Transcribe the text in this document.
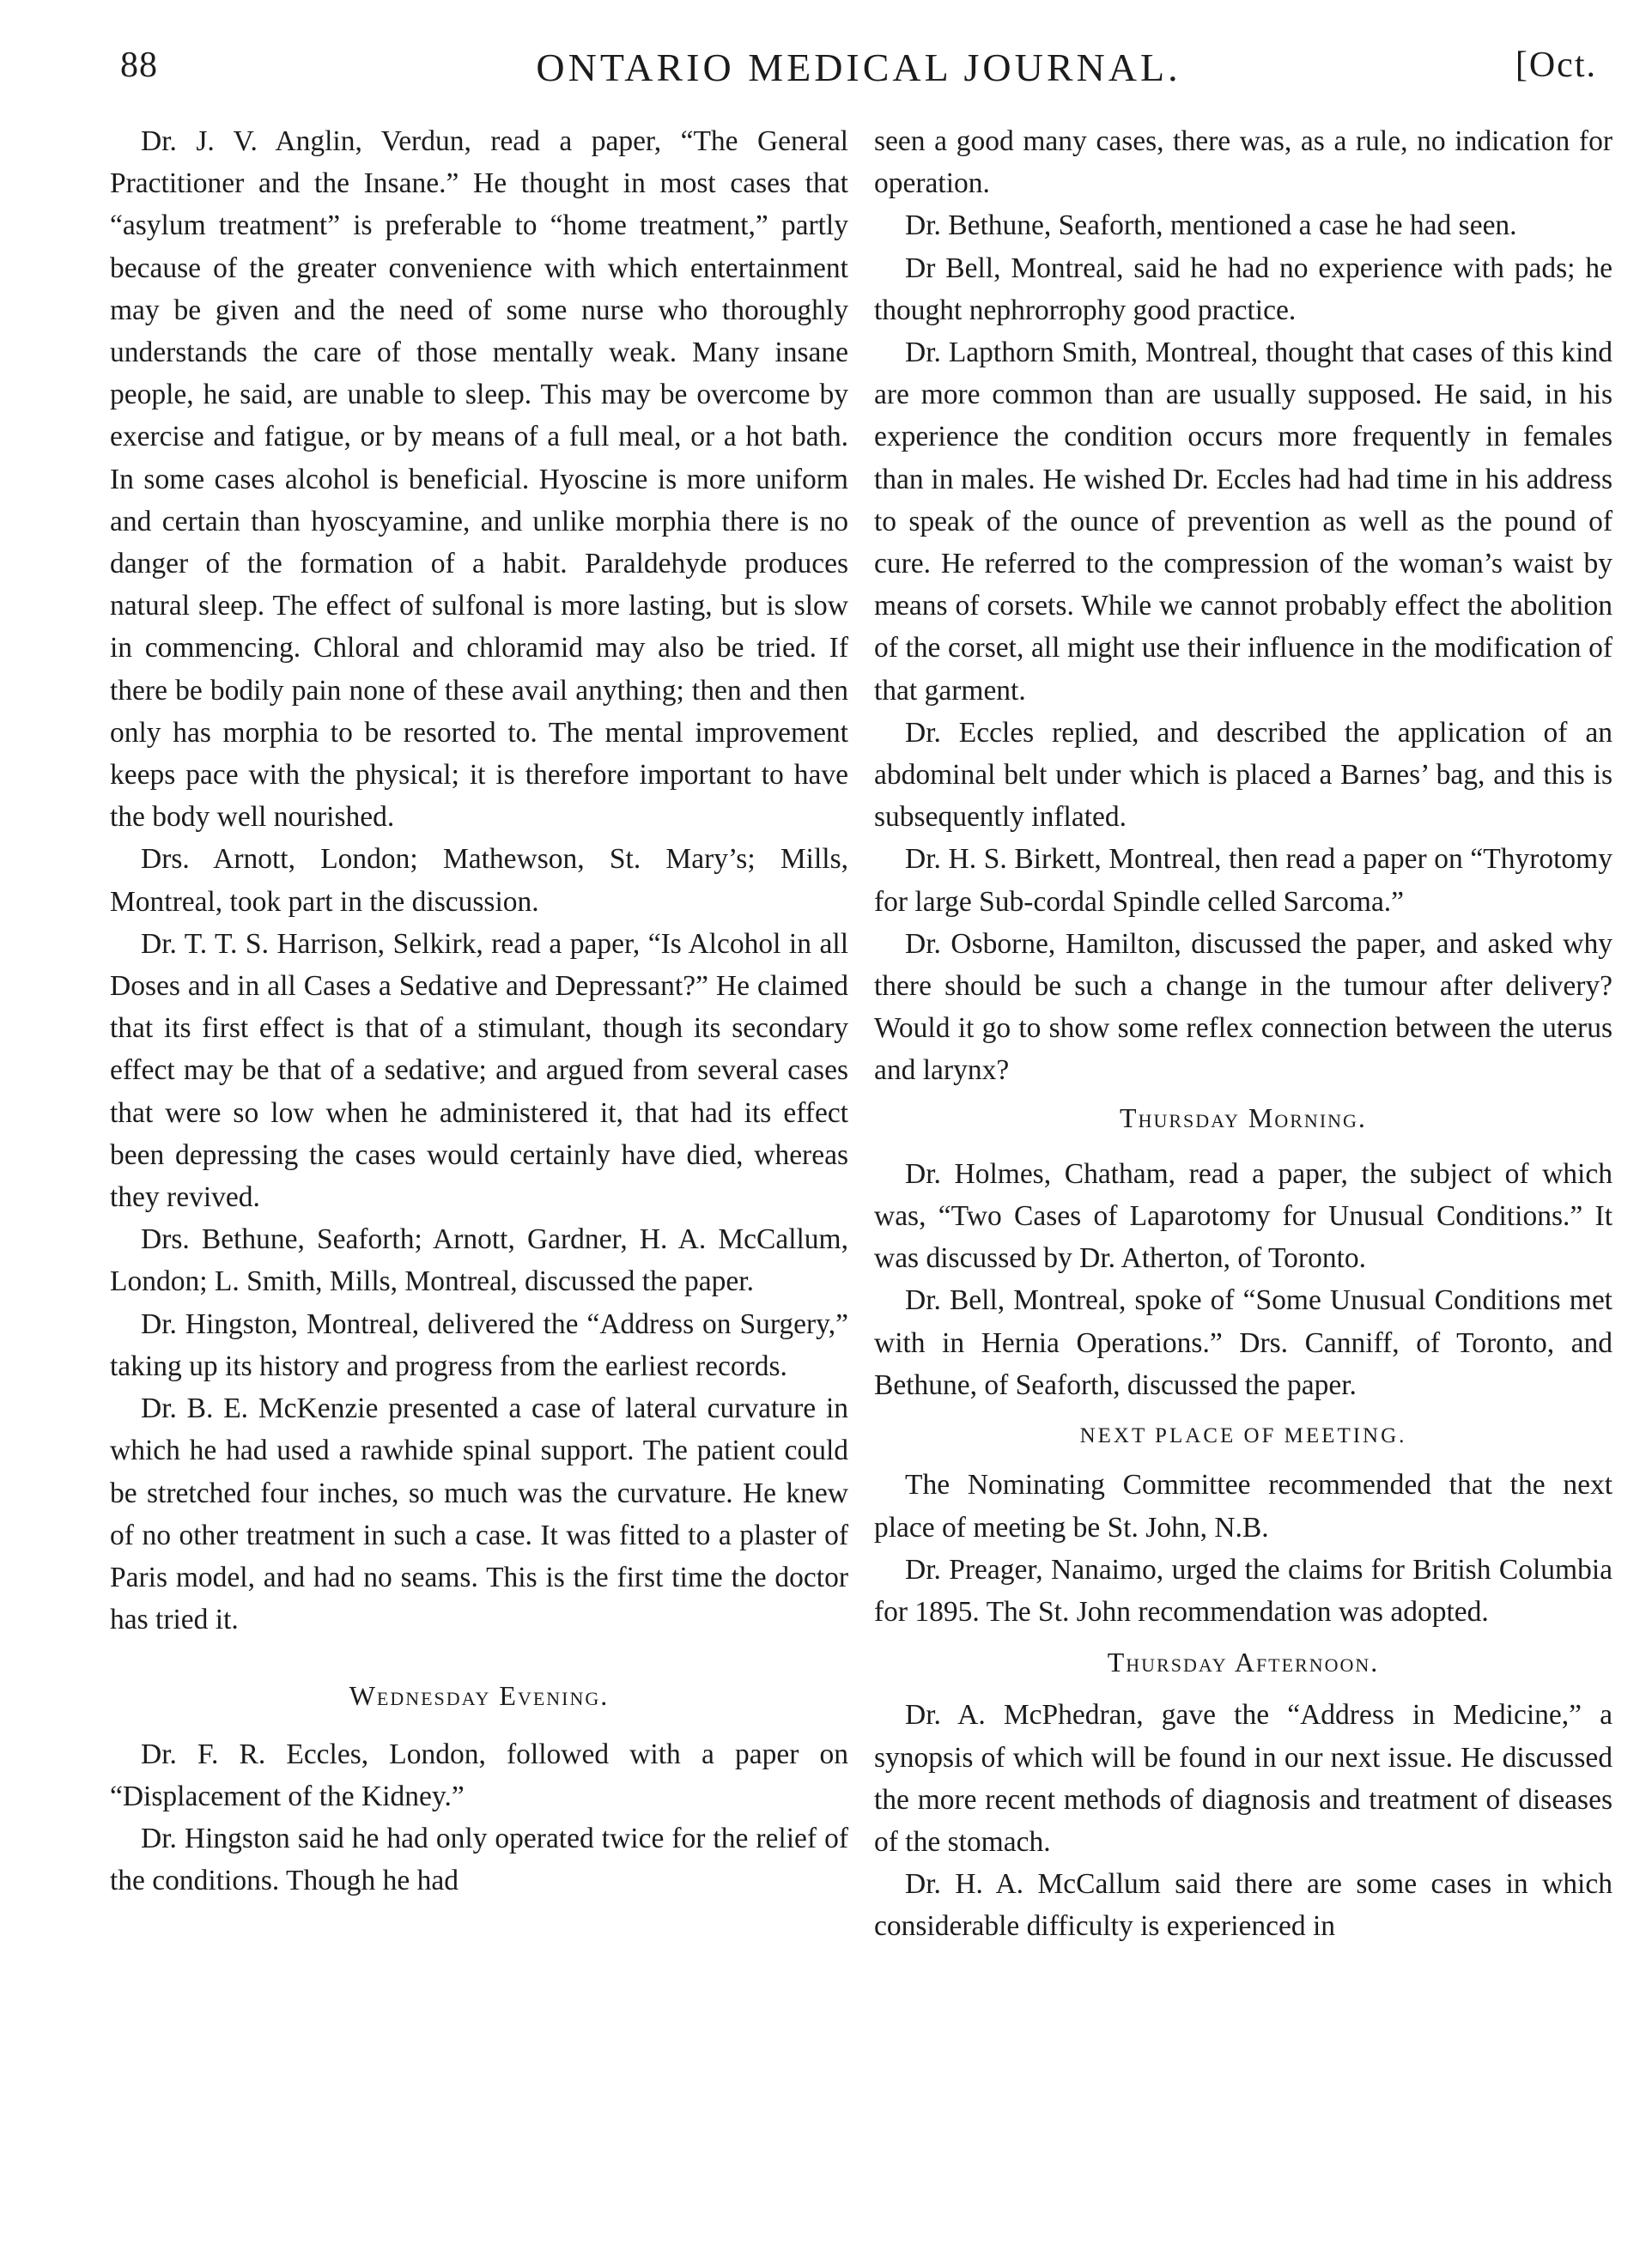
88	ONTARIO MEDICAL JOURNAL.	[Oct.

Dr. J. V. Anglin, Verdun, read a paper, “The General Practitioner and the Insane.” He thought in most cases that “asylum treatment” is preferable to “home treatment,” partly because of the greater convenience with which entertainment may be given and the need of some nurse who thoroughly understands the care of those mentally weak. Many insane people, he said, are unable to sleep. This may be overcome by exercise and fatigue, or by means of a full meal, or a hot bath. In some cases alcohol is beneficial. Hyoscine is more uniform and certain than hyoscyamine, and unlike morphia there is no danger of the formation of a habit. Paraldehyde produces natural sleep. The effect of sulfonal is more lasting, but is slow in commencing. Chloral and chloramid may also be tried. If there be bodily pain none of these avail anything; then and then only has morphia to be resorted to. The mental improvement keeps pace with the physical; it is therefore important to have the body well nourished.

Drs. Arnott, London; Mathewson, St. Mary’s; Mills, Montreal, took part in the discussion.

Dr. T. T. S. Harrison, Selkirk, read a paper, “Is Alcohol in all Doses and in all Cases a Sedative and Depressant?” He claimed that its first effect is that of a stimulant, though its secondary effect may be that of a sedative; and argued from several cases that were so low when he administered it, that had its effect been depressing the cases would certainly have died, whereas they revived.

Drs. Bethune, Seaforth; Arnott, Gardner, H. A. McCallum, London; L. Smith, Mills, Montreal, discussed the paper.

Dr. Hingston, Montreal, delivered the “Address on Surgery,” taking up its history and progress from the earliest records.

Dr. B. E. McKenzie presented a case of lateral curvature in which he had used a rawhide spinal support. The patient could be stretched four inches, so much was the curvature. He knew of no other treatment in such a case. It was fitted to a plaster of Paris model, and had no seams. This is the first time the doctor has tried it.

Wednesday Evening.

Dr. F. R. Eccles, London, followed with a paper on “Displacement of the Kidney.”

Dr. Hingston said he had only operated twice for the relief of the conditions. Though he had

seen a good many cases, there was, as a rule, no indication for operation.

Dr. Bethune, Seaforth, mentioned a case he had seen.

Dr Bell, Montreal, said he had no experience with pads; he thought nephrorrophy good practice.

Dr. Lapthorn Smith, Montreal, thought that cases of this kind are more common than are usually supposed. He said, in his experience the condition occurs more frequently in females than in males. He wished Dr. Eccles had had time in his address to speak of the ounce of prevention as well as the pound of cure. He referred to the compression of the woman’s waist by means of corsets. While we cannot probably effect the abolition of the corset, all might use their influence in the modification of that garment.

Dr. Eccles replied, and described the application of an abdominal belt under which is placed a Barnes’ bag, and this is subsequently inflated.

Dr. H. S. Birkett, Montreal, then read a paper on “Thyrotomy for large Sub-cordal Spindle celled Sarcoma.”

Dr. Osborne, Hamilton, discussed the paper, and asked why there should be such a change in the tumour after delivery? Would it go to show some reflex connection between the uterus and larynx?

Thursday Morning.

Dr. Holmes, Chatham, read a paper, the subject of which was, “Two Cases of Laparotomy for Unusual Conditions.” It was discussed by Dr. Atherton, of Toronto.

Dr. Bell, Montreal, spoke of “Some Unusual Conditions met with in Hernia Operations.” Drs. Canniff, of Toronto, and Bethune, of Seaforth, discussed the paper.

NEXT PLACE OF MEETING.

The Nominating Committee recommended that the next place of meeting be St. John, N.B.

Dr. Preager, Nanaimo, urged the claims for British Columbia for 1895. The St. John recommendation was adopted.

Thursday Afternoon.

Dr. A. McPhedran, gave the “Address in Medicine,” a synopsis of which will be found in our next issue. He discussed the more recent methods of diagnosis and treatment of diseases of the stomach.

Dr. H. A. McCallum said there are some cases in which considerable difficulty is experienced in
